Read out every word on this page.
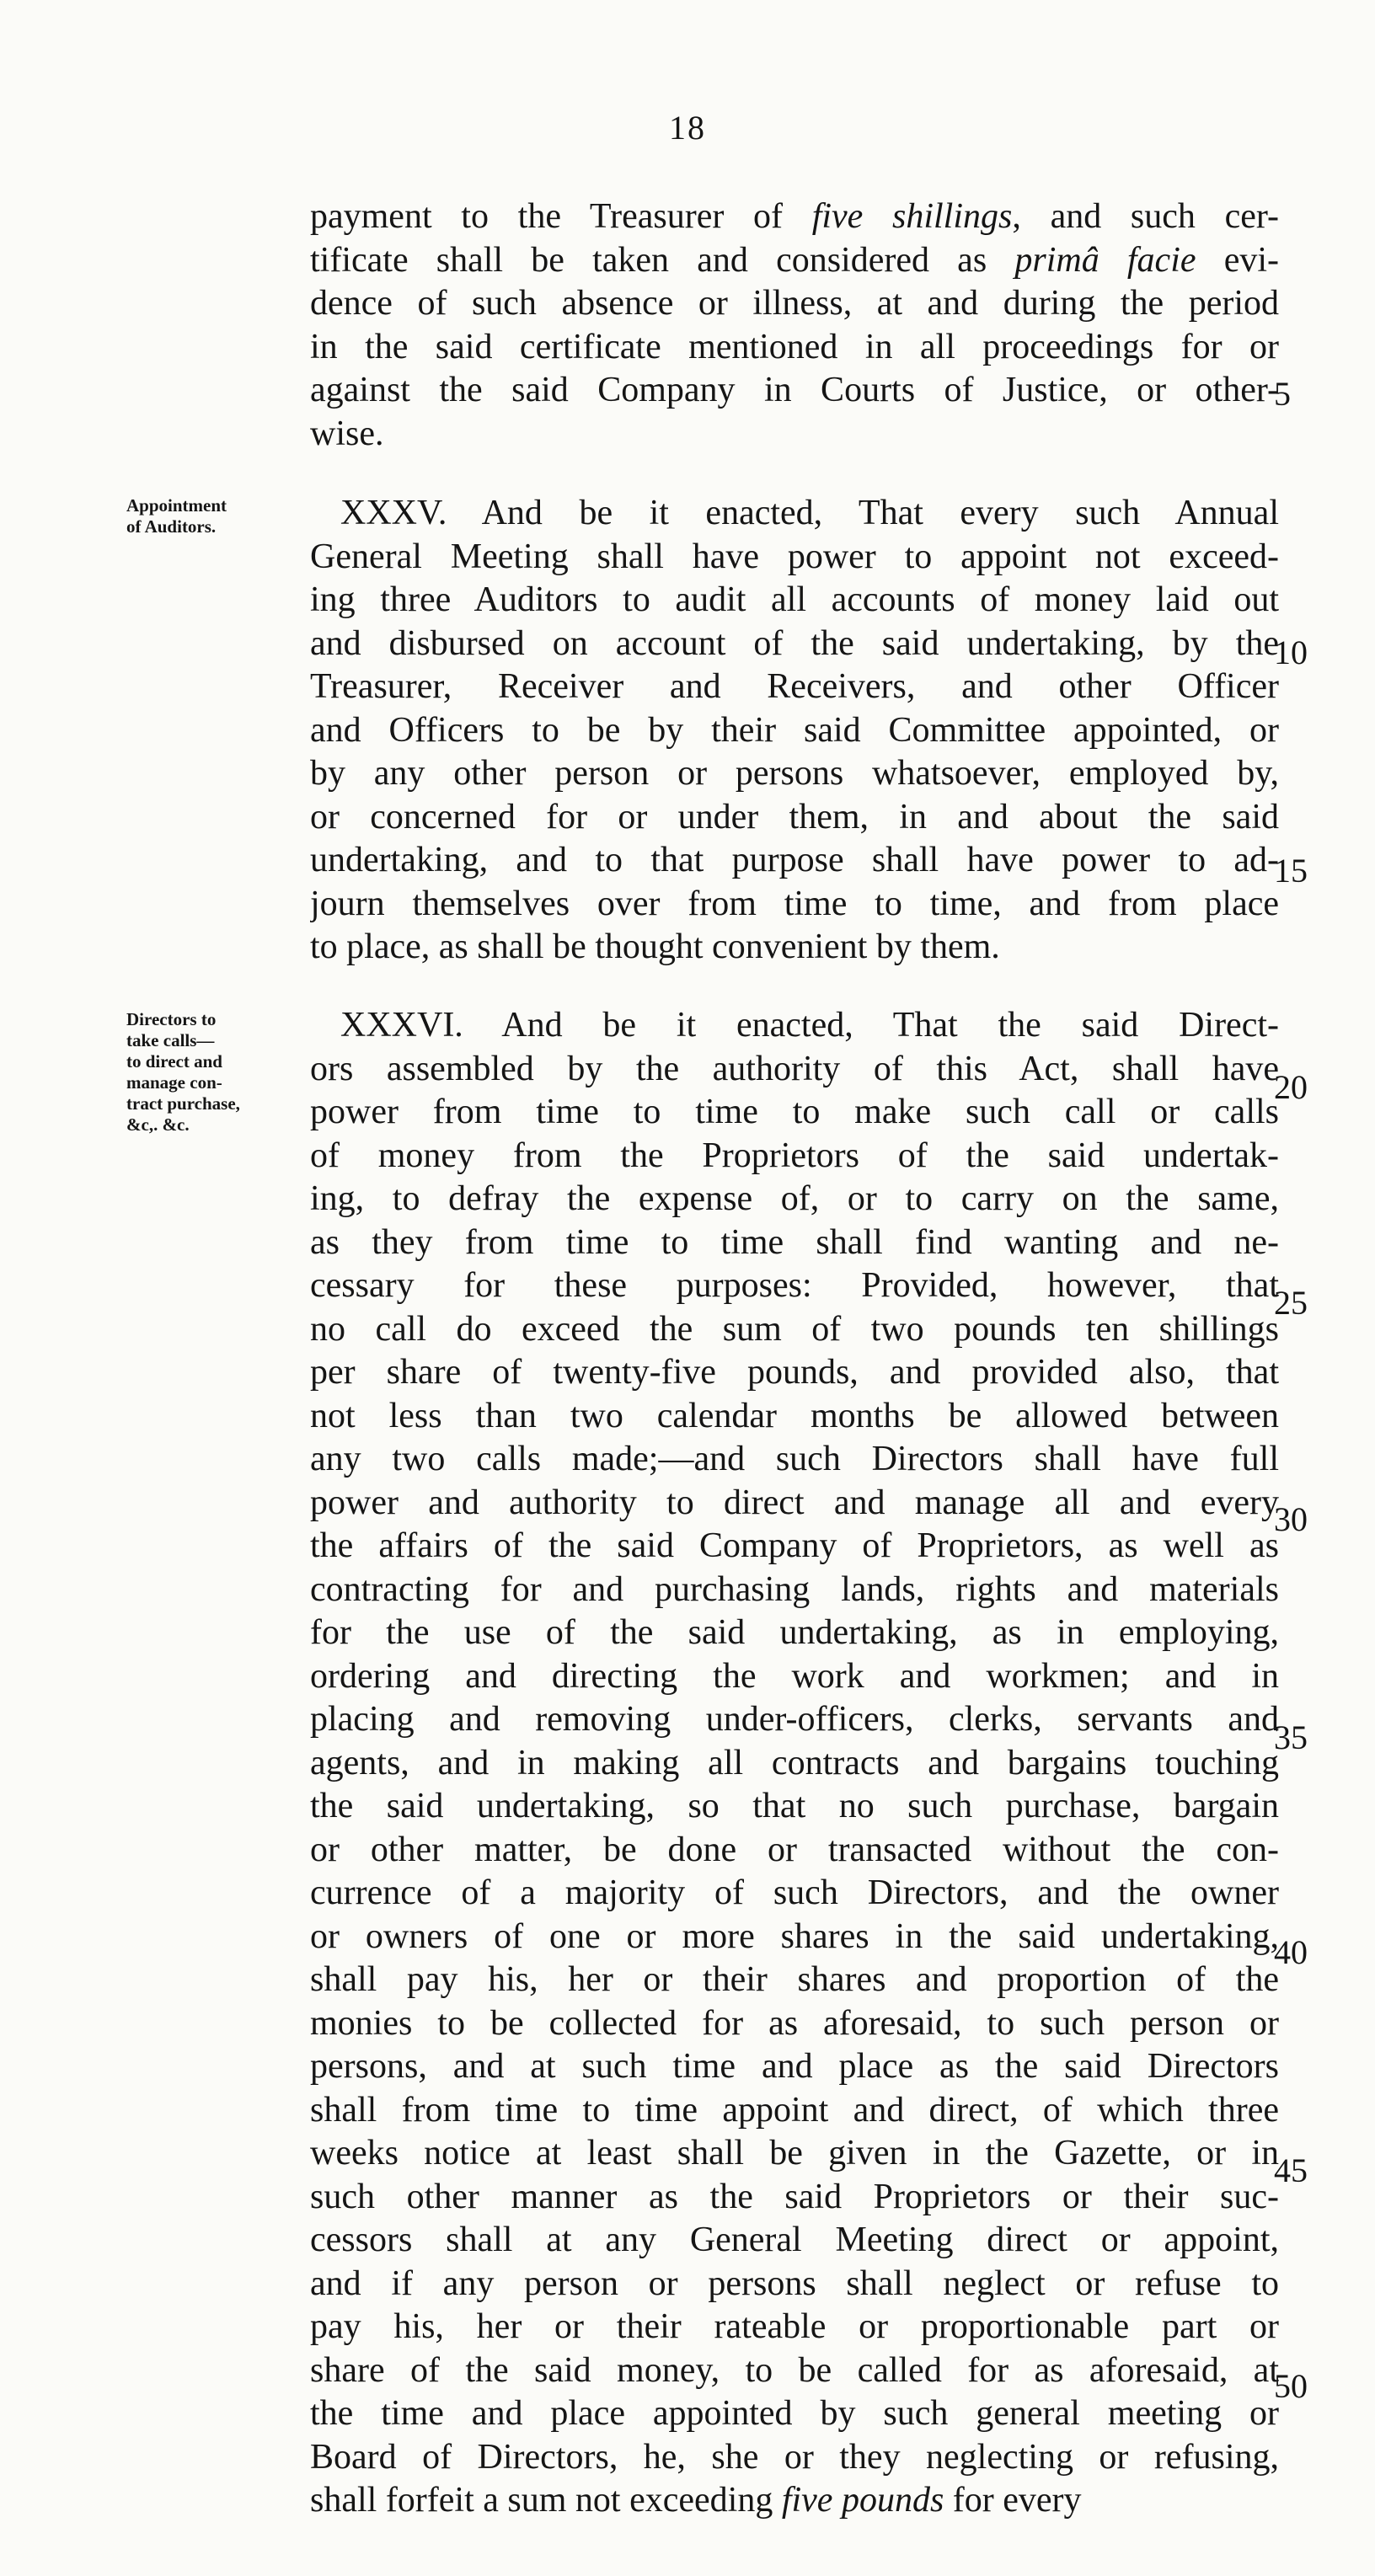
18
payment to the Treasurer of five shillings, and such cer-
tificate shall be taken and considered as primâ facie evi-
dence of such absence or illness, at and during the period
in the said certificate mentioned in all proceedings for or
against the said Company in Courts of Justice, or other-
wise.
XXXV. And be it enacted, That every such Annual
General Meeting shall have power to appoint not exceed-
ing three Auditors to audit all accounts of money laid out
and disbursed on account of the said undertaking, by the
Treasurer, Receiver and Receivers, and other Officer
and Officers to be by their said Committee appointed, or
by any other person or persons whatsoever, employed by,
or concerned for or under them, in and about the said
undertaking, and to that purpose shall have power to ad-
journ themselves over from time to time, and from place
to place, as shall be thought convenient by them.
XXXVI. And be it enacted, That the said Direct-
ors assembled by the authority of this Act, shall have
power from time to time to make such call or calls
of money from the Proprietors of the said undertak-
ing, to defray the expense of, or to carry on the same,
as they from time to time shall find wanting and ne-
cessary for these purposes: Provided, however, that
no call do exceed the sum of two pounds ten shillings
per share of twenty-five pounds, and provided also, that
not less than two calendar months be allowed between
any two calls made;—and such Directors shall have full
power and authority to direct and manage all and every
the affairs of the said Company of Proprietors, as well as
contracting for and purchasing lands, rights and materials
for the use of the said undertaking, as in employing,
ordering and directing the work and workmen; and in
placing and removing under-officers, clerks, servants and
agents, and in making all contracts and bargains touching
the said undertaking, so that no such purchase, bargain
or other matter, be done or transacted without the con-
currence of a majority of such Directors, and the owner
or owners of one or more shares in the said undertaking,
shall pay his, her or their shares and proportion of the
monies to be collected for as aforesaid, to such person or
persons, and at such time and place as the said Directors
shall from time to time appoint and direct, of which three
weeks notice at least shall be given in the Gazette, or in
such other manner as the said Proprietors or their suc-
cessors shall at any General Meeting direct or appoint,
and if any person or persons shall neglect or refuse to
pay his, her or their rateable or proportionable part or
share of the said money, to be called for as aforesaid, at
the time and place appointed by such general meeting or
Board of Directors, he, she or they neglecting or refusing,
shall forfeit a sum not exceeding five pounds for every
Appointment
of Auditors.
Directors to
take calls—
to direct and
manage con-
tract purchase,
&c,. &c.
5
10
15
20
25
30
35
40
45
50
